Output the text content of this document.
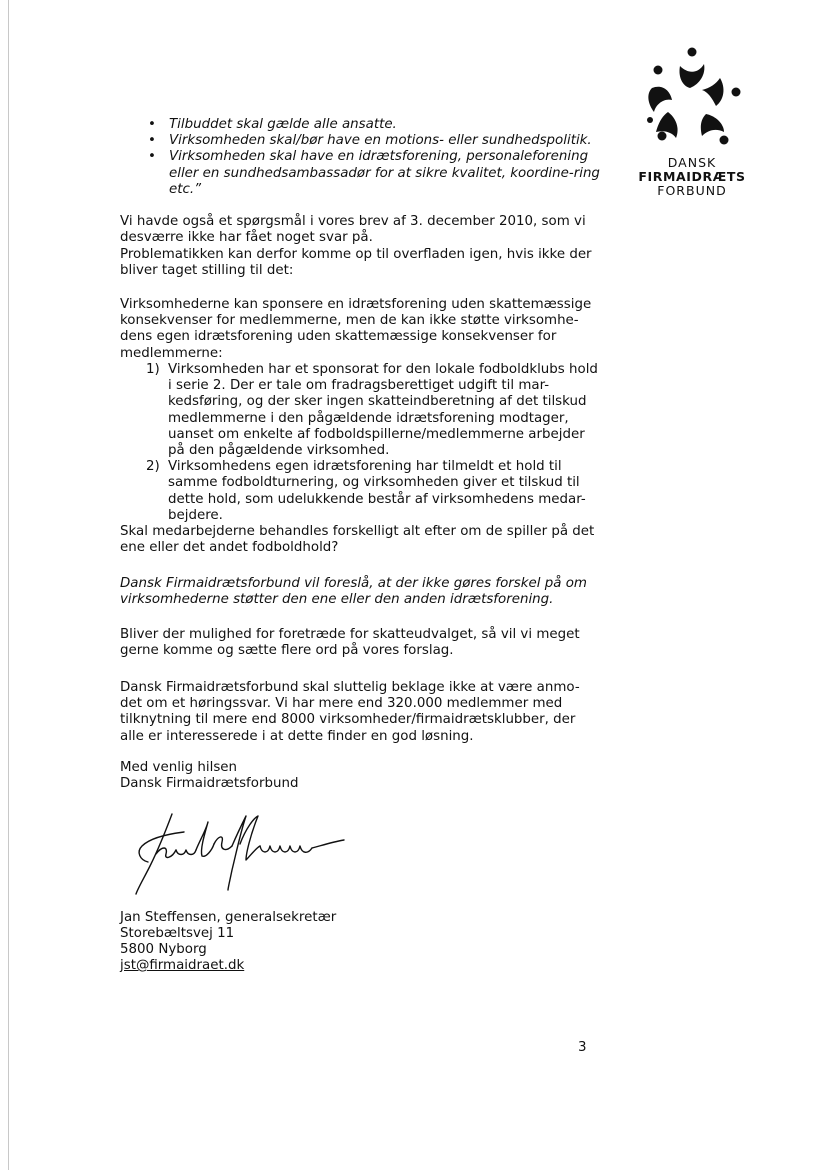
DANSK
FIRMAIDRÆTS
FORBUND
• Tilbuddet skal gælde alle ansatte.
• Virksomheden skal/bør have en motions- eller sundhedspolitik.
• Virksomheden skal have en idrætsforening, personaleforening eller en sundhedsambassadør for at sikre kvalitet, koordine-ring etc.”

Vi havde også et spørgsmål i vores brev af 3. december 2010, som vi desværre ikke har fået noget svar på.

Problematikken kan derfor komme op til overfladen igen, hvis ikke der bliver taget stilling til det:

Virksomhederne kan sponsere en idrætsforening uden skattemæssige konsekvenser for medlemmerne, men de kan ikke støtte virksomhe-dens egen idrætsforening uden skattemæssige konsekvenser for medlemmerne:

1) Virksomheden har et sponsorat for den lokale fodboldklubs hold i serie 2. Der er tale om fradragsberettiget udgift til mar-kedsføring, og der sker ingen skatteindberetning af det tilskud medlemmerne i den pågældende idrætsforening modtager, uanset om enkelte af fodboldspillerne/medlemmerne arbejder på den pågældende virksomhed.
2) Virksomhedens egen idrætsforening har tilmeldt et hold til samme fodboldturnering, og virksomheden giver et tilskud til dette hold, som udelukkende består af virksomhedens medar-bejdere.

Skal medarbejderne behandles forskelligt alt efter om de spiller på det ene eller det andet fodboldhold?

Dansk Firmaidrætsforbund vil foreslå, at der ikke gøres forskel på om virksomhederne støtter den ene eller den anden idrætsforening.

Bliver der mulighed for foretræde for skatteudvalget, så vil vi meget gerne komme og sætte flere ord på vores forslag.

Dansk Firmaidrætsforbund skal sluttelig beklage ikke at være anmo-det om et høringssvar. Vi har mere end 320.000 medlemmer med tilknytning til mere end 8000 virksomheder/firmaidrætsklubber, der alle er interesserede i at dette finder en god løsning.

Med venlig hilsen

Dansk Firmaidrætsforbund

Jan Steffensen, generalsekretær

Storebæltsvej 11

5800 Nyborg

jst@firmaidraet.dk

3
